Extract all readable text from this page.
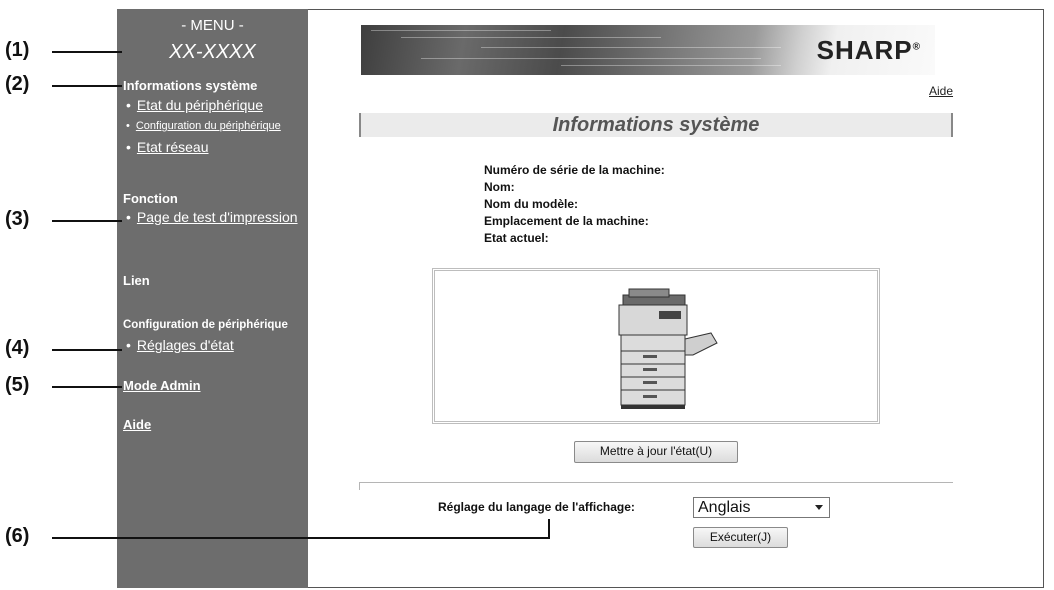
- MENU -
XX-XXXX
Informations système
• Etat du périphérique
• Configuration du périphérique
• Etat réseau
Fonction
• Page de test d'impression
Lien
Configuration de périphérique
• Réglages d'état
Mode Admin
Aide
SHARP®
Aide
Informations système
Numéro de série de la machine:
Nom:
Nom du modèle:
Emplacement de la machine:
Etat actuel:
Mettre à jour l'état(U)
Réglage du langage de l'affichage:	Anglais
Exécuter(J)
(1)
(2)
(3)
(4)
(5)
(6)
